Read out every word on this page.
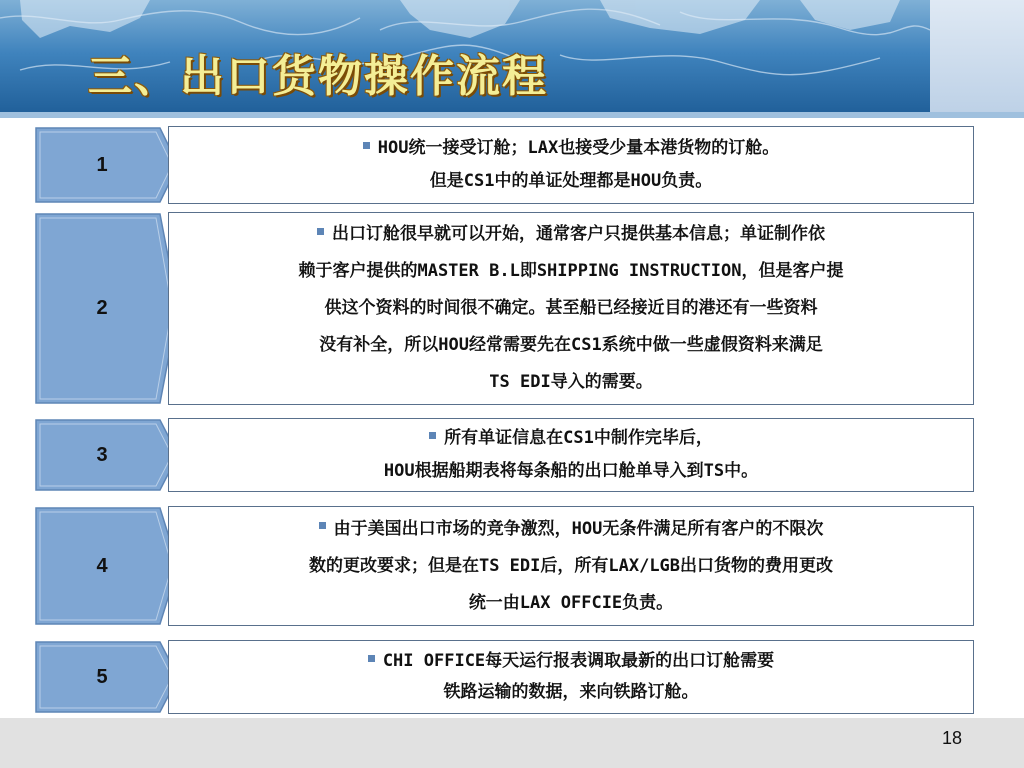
三、出口货物操作流程
1

HOU统一接受订舱；LAX也接受少量本港货物的订舱。
但是CS1中的单证处理都是HOU负责。

2

出口订舱很早就可以开始，通常客户只提供基本信息；单证制作依
赖于客户提供的MASTER B.L即SHIPPING INSTRUCTION，但是客户提
供这个资料的时间很不确定。甚至船已经接近目的港还有一些资料
没有补全，所以HOU经常需要先在CS1系统中做一些虚假资料来满足
TS EDI导入的需要。

3

所有单证信息在CS1中制作完毕后，
HOU根据船期表将每条船的出口舱单导入到TS中。

4

由于美国出口市场的竞争激烈，HOU无条件满足所有客户的不限次
数的更改要求；但是在TS EDI后，所有LAX/LGB出口货物的费用更改
统一由LAX OFFCIE负责。

5

CHI OFFICE每天运行报表调取最新的出口订舱需要
铁路运输的数据，来向铁路订舱。

18
